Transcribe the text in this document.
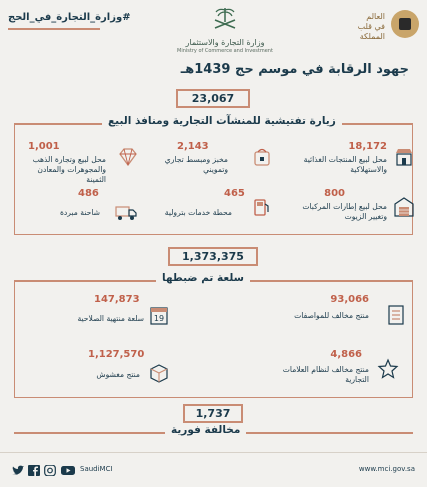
#وزارة_التجارة_في_الحج
وزارة التجارة والاستثمار
Ministry of Commerce and Investment
العالم
في قلب
المملكة
جهود الرقابة في موسم حج 1439هـ
23,067
زيارة تفتيشية للمنشآت التجارية ومنافذ البيع
18,172
محل لبيع المنتجات الغذائية والاستهلاكية
2,143
مخبز ومبسط تجاري وتمويني
1,001
محل لبيع وتجارة الذهب والمجوهرات والمعادن الثمينة
800
محل لبيع إطارات المركبات وتغيير الزيوت
465
محطة خدمات بترولية
486
شاحنة مبردة
1,373,375
سلعة تم ضبطها
93,066
منتج مخالف للمواصفات
147,873
سلعة منتهية الصلاحية 19
4,866
منتج مخالف لنظام العلامات التجارية
1,127,570
منتج مغشوش
1,737
مخالفة فورية
SaudiMCI	www.mci.gov.sa
